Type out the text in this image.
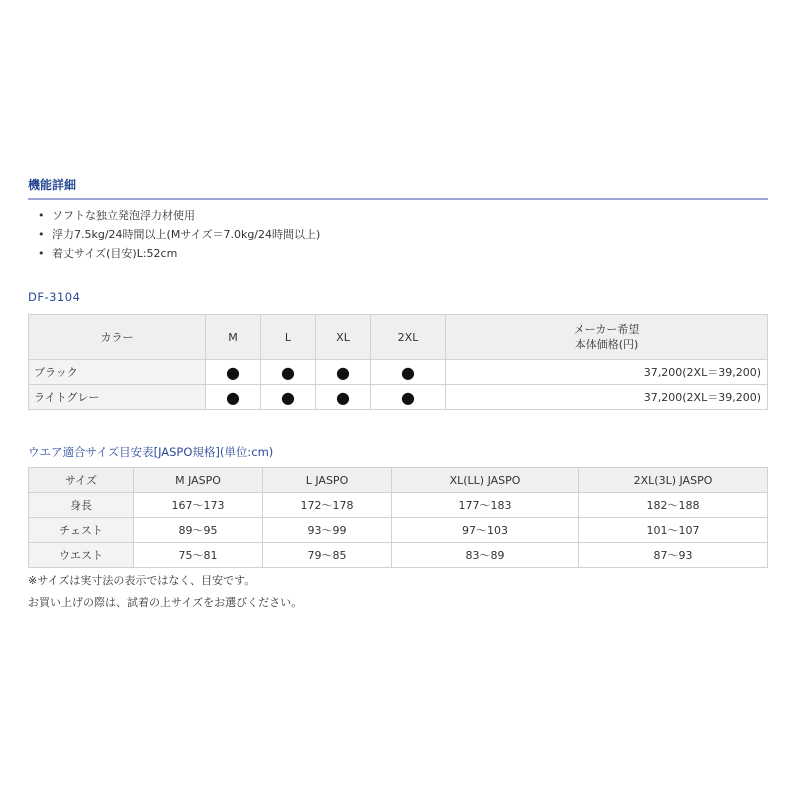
機能詳細
• ソフトな独立発泡浮力材使用
• 浮力7.5kg/24時間以上(Mサイズ＝7.0kg/24時間以上)
• 着丈サイズ(目安)L:52cm
DF-3104
カラー	M	L	XL	2XL	メーカー希望
本体価格(円)

ブラック	●	●	●	●	37,200(2XL＝39,200)
ライトグレー	●	●	●	●	37,200(2XL＝39,200)
ウエア適合サイズ目安表[JASPO規格](単位:cm)
サイズ	M JASPO	L JASPO	XL(LL) JASPO	2XL(3L) JASPO
身長	167〜173	172〜178	177〜183	182〜188
チェスト	89〜95	93〜99	97〜103	101〜107
ウエスト	75〜81	79〜85	83〜89	87〜93
※サイズは実寸法の表示ではなく、目安です。
お買い上げの際は、試着の上サイズをお選びください。
